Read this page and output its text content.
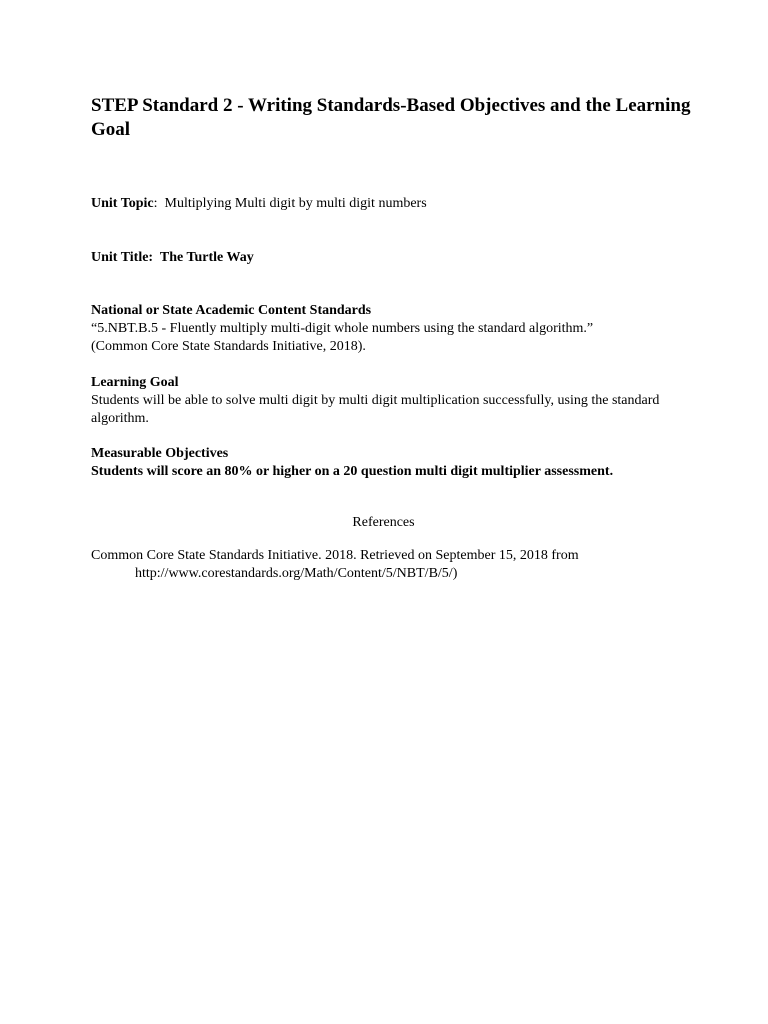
STEP Standard 2 - Writing Standards-Based Objectives and the Learning Goal
Unit Topic: Multiplying Multi digit by multi digit numbers
Unit Title: The Turtle Way
National or State Academic Content Standards
“5.NBT.B.5 - Fluently multiply multi-digit whole numbers using the standard algorithm.”
(Common Core State Standards Initiative, 2018).
Learning Goal
Students will be able to solve multi digit by multi digit multiplication successfully, using the standard algorithm.
Measurable Objectives
Students will score an 80% or higher on a 20 question multi digit multiplier assessment.
References
Common Core State Standards Initiative. 2018. Retrieved on September 15, 2018 from
http://www.corestandards.org/Math/Content/5/NBT/B/5/)
